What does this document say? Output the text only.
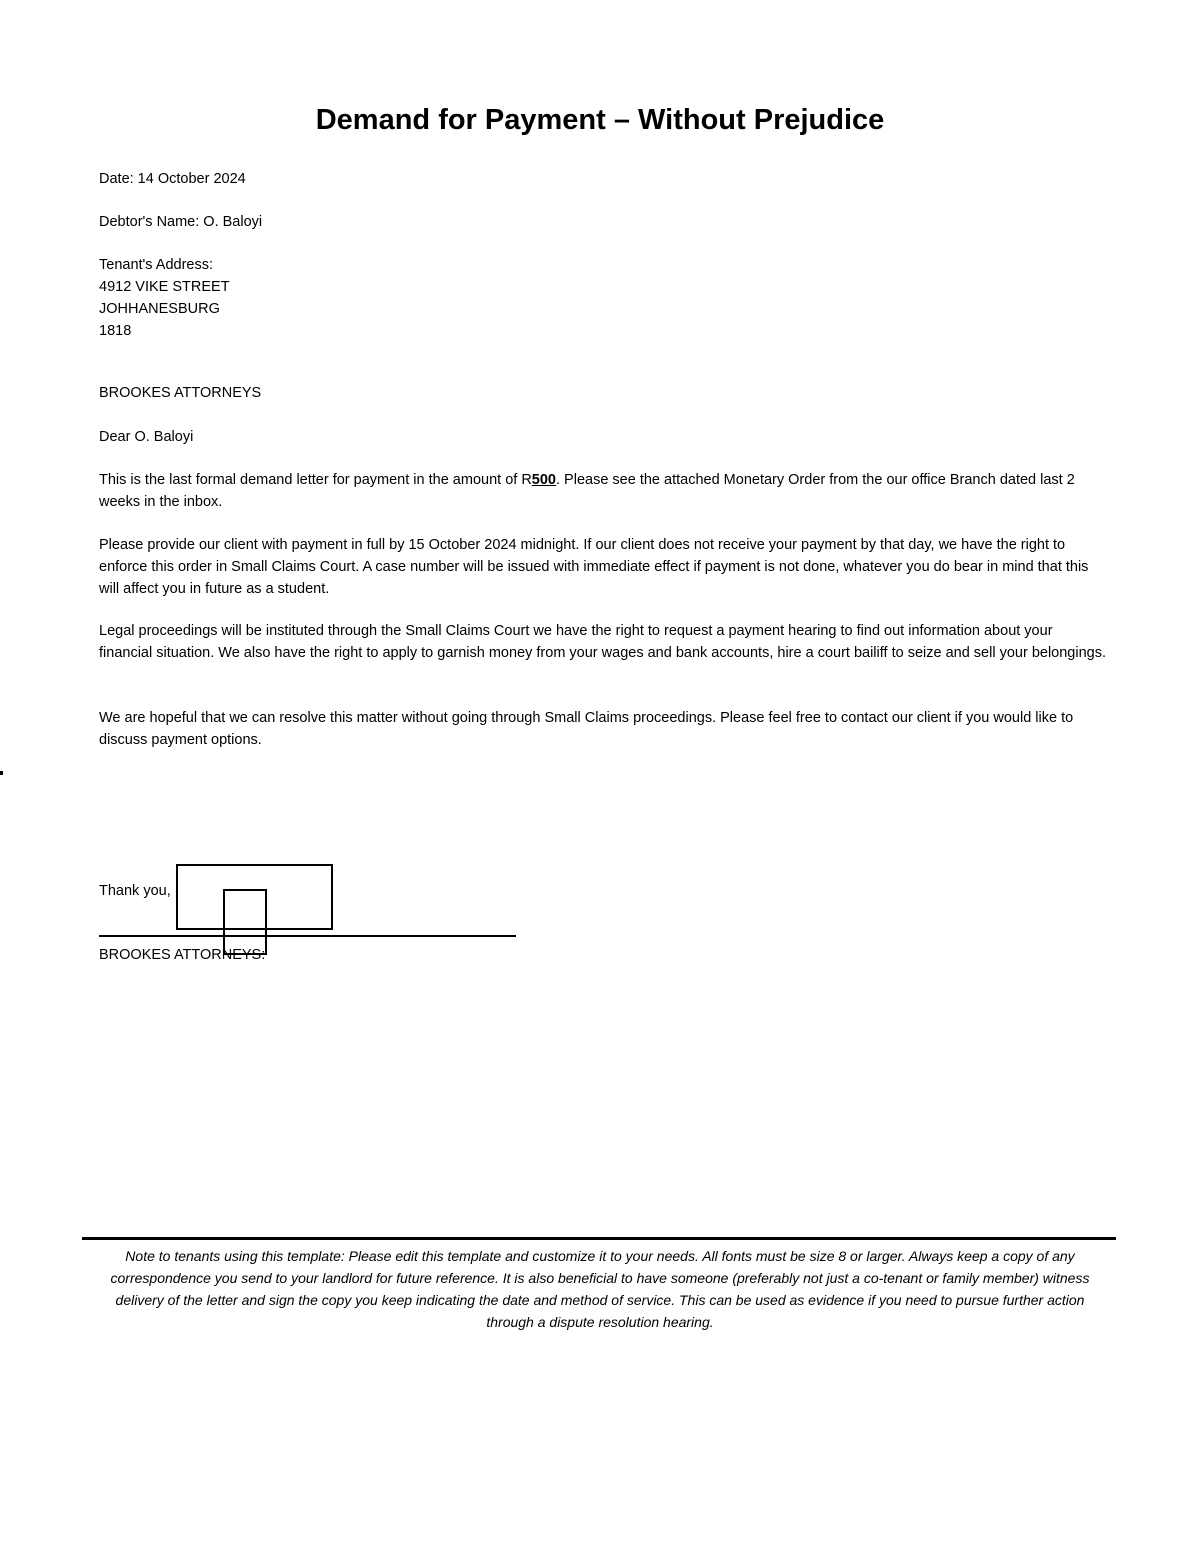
Demand for Payment – Without Prejudice

Date: 14 October 2024

Debtor's Name: O. Baloyi

Tenant's Address:
4912 VIKE STREET
JOHHANESBURG
1818

BROOKES ATTORNEYS

Dear O. Baloyi

This is the last formal demand letter for payment in the amount of R500. Please see the attached Monetary Order from the our office Branch dated last 2 weeks in the inbox.

Please provide our client with payment in full by 15 October 2024 midnight. If our client does not receive your payment by that day, we have the right to enforce this order in Small Claims Court. A case number will be issued with immediate effect if payment is not done, whatever you do bear in mind that this will affect you in future as a student.

Legal proceedings will be instituted through the Small Claims Court we have the right to request a payment hearing to find out information about your financial situation. We also have the right to apply to garnish money from your wages and bank accounts, hire a court bailiff to seize and sell your belongings.

We are hopeful that we can resolve this matter without going through Small Claims proceedings. Please feel free to contact our client if you would like to discuss payment options.

Thank you,

BROOKES ATTORNEYS:

Note to tenants using this template: Please edit this template and customize it to your needs. All fonts must be size 8 or larger. Always keep a copy of any correspondence you send to your landlord for future reference. It is also beneficial to have someone (preferably not just a co-tenant or family member) witness delivery of the letter and sign the copy you keep indicating the date and method of service. This can be used as evidence if you need to pursue further action through a dispute resolution hearing.
